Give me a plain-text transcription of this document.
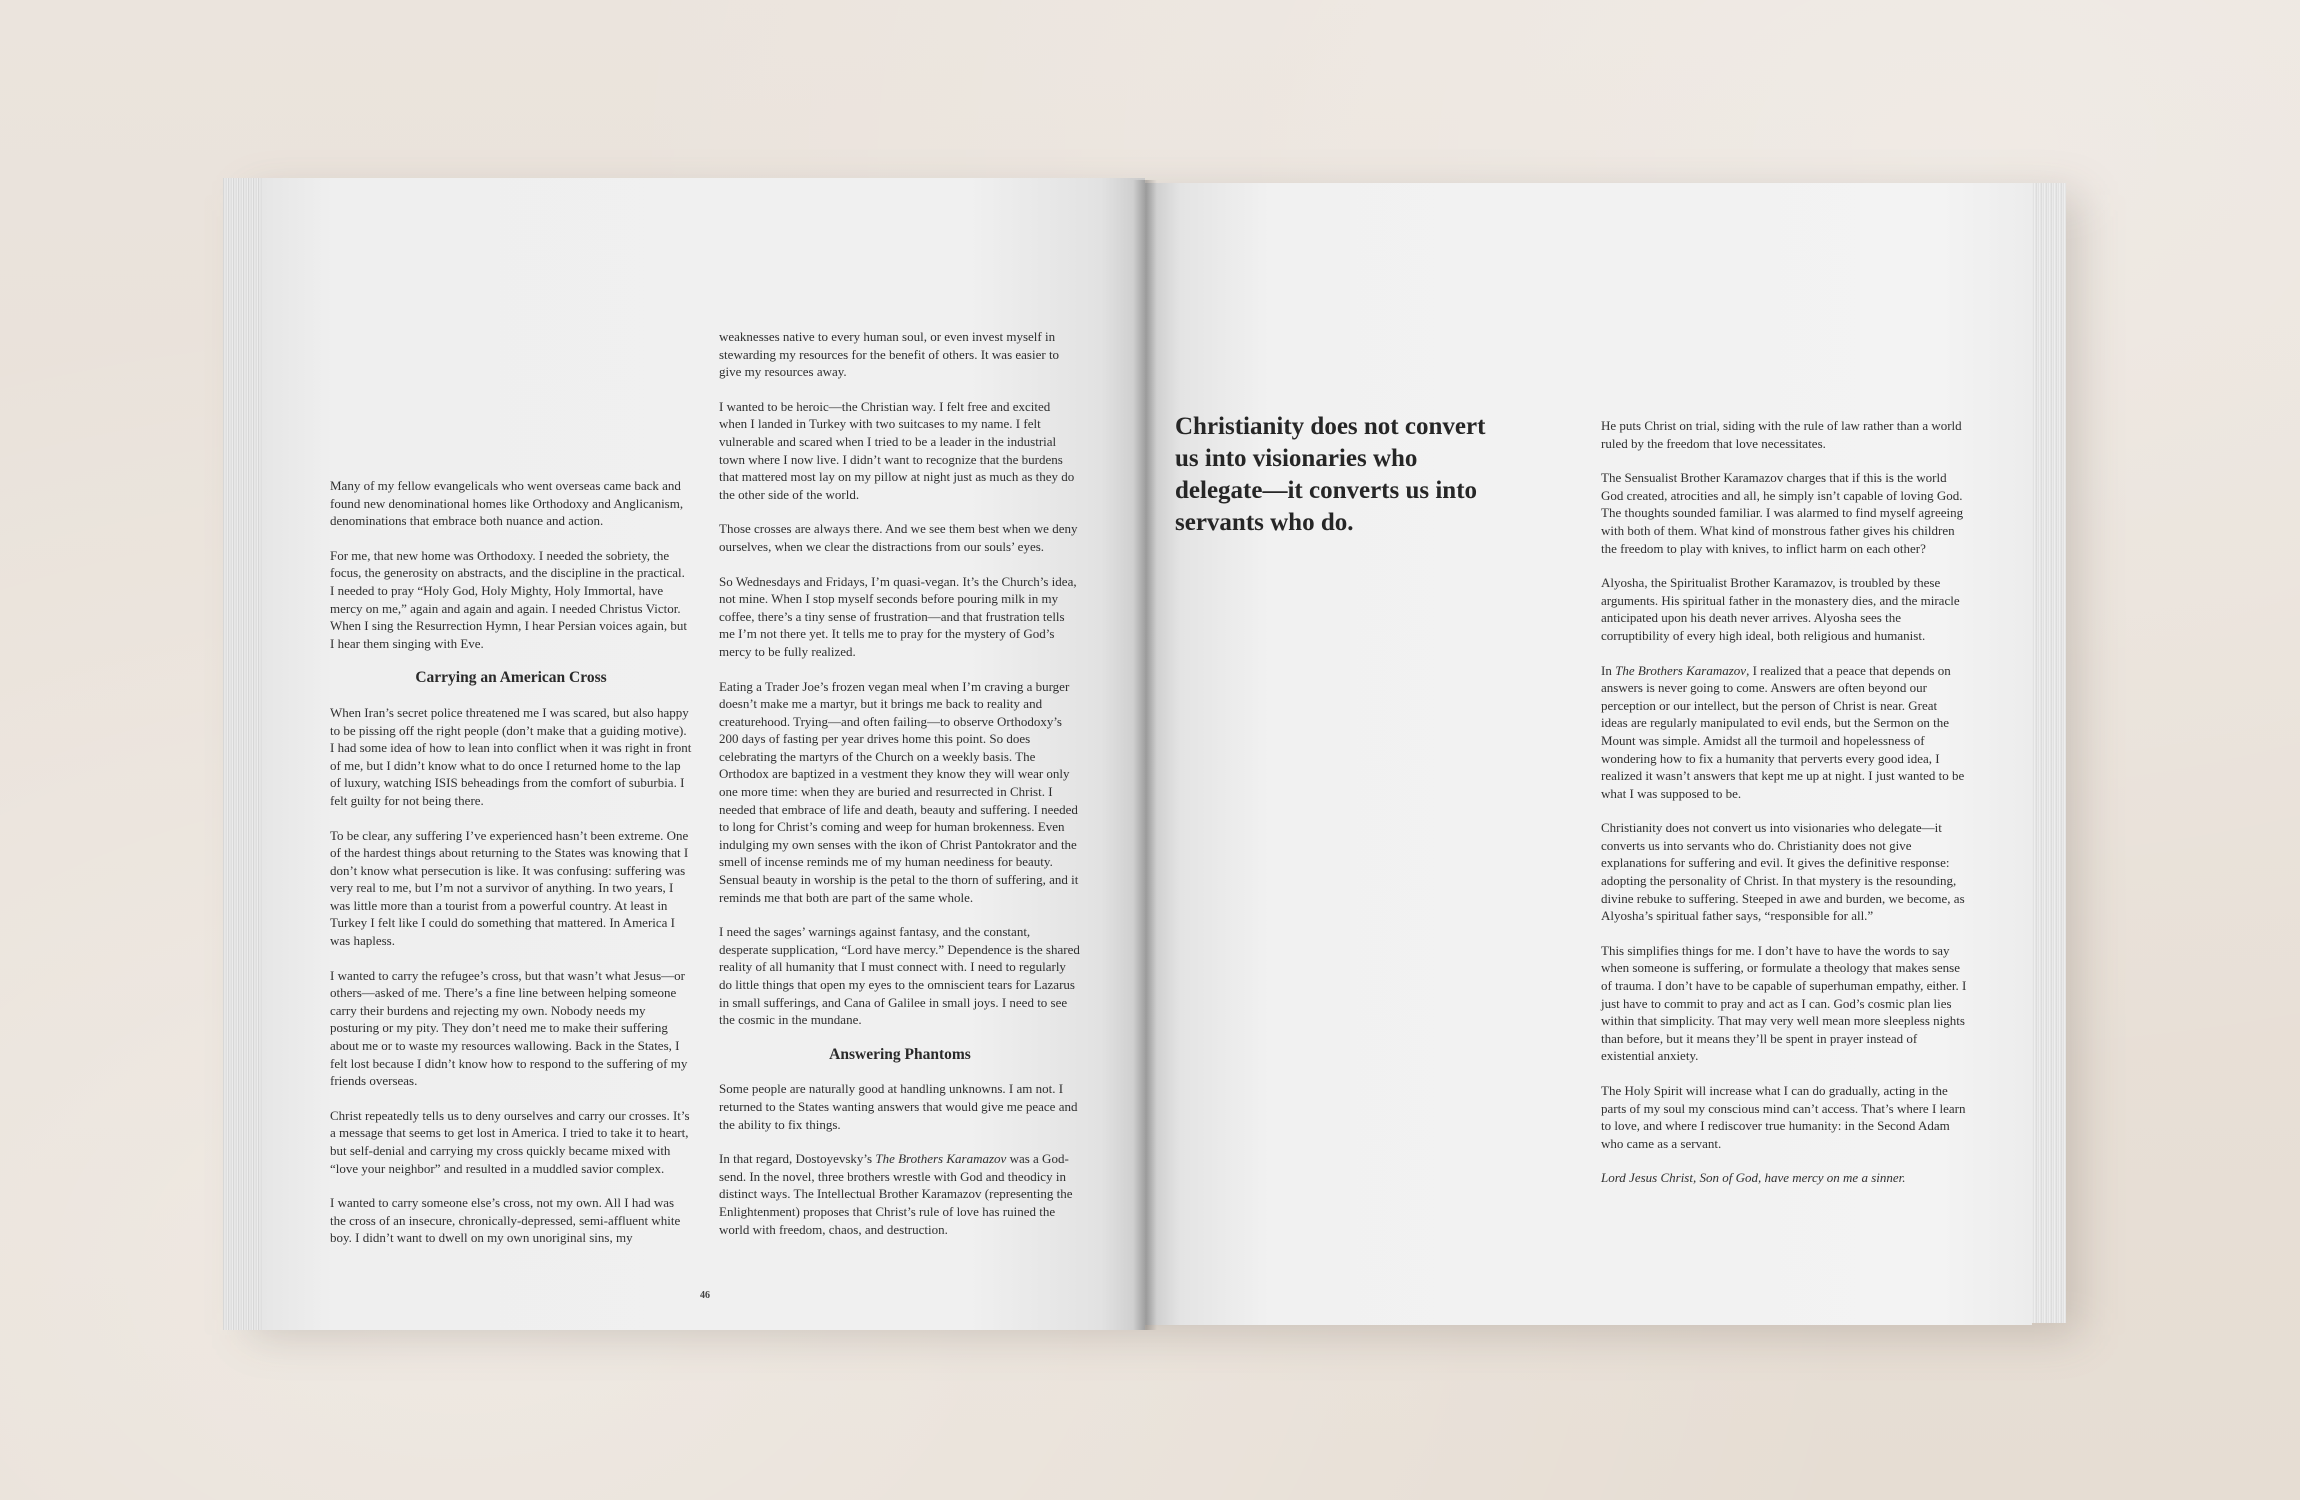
Many of my fellow evangelicals who went overseas came back and found new denominational homes like Orthodoxy and Anglicanism, denominations that embrace both nuance and action.

For me, that new home was Orthodoxy. I needed the sobriety, the focus, the generosity on abstracts, and the discipline in the practical. I needed to pray “Holy God, Holy Mighty, Holy Immortal, have mercy on me,” again and again and again. I needed Christus Victor. When I sing the Resurrection Hymn, I hear Persian voices again, but I hear them singing with Eve.

Carrying an American Cross

When Iran’s secret police threatened me I was scared, but also happy to be pissing off the right people (don’t make that a guiding motive). I had some idea of how to lean into conflict when it was right in front of me, but I didn’t know what to do once I returned home to the lap of luxury, watching ISIS beheadings from the comfort of suburbia. I felt guilty for not being there.

To be clear, any suffering I’ve experienced hasn’t been extreme. One of the hardest things about returning to the States was knowing that I don’t know what persecution is like. It was confusing: suffering was very real to me, but I’m not a survivor of anything. In two years, I was little more than a tourist from a powerful country. At least in Turkey I felt like I could do something that mattered. In America I was hapless.

I wanted to carry the refugee’s cross, but that wasn’t what Jesus—or others—asked of me. There’s a fine line between helping someone carry their burdens and rejecting my own. Nobody needs my posturing or my pity. They don’t need me to make their suffering about me or to waste my resources wallowing. Back in the States, I felt lost because I didn’t know how to respond to the suffering of my friends overseas.

Christ repeatedly tells us to deny ourselves and carry our crosses. It’s a message that seems to get lost in America. I tried to take it to heart, but self-denial and carrying my cross quickly became mixed with “love your neighbor” and resulted in a muddled savior complex.

I wanted to carry someone else’s cross, not my own. All I had was the cross of an insecure, chronically-depressed, semi-affluent white boy. I didn’t want to dwell on my own unoriginal sins, my

weaknesses native to every human soul, or even invest myself in stewarding my resources for the benefit of others. It was easier to give my resources away.

I wanted to be heroic—the Christian way. I felt free and excited when I landed in Turkey with two suitcases to my name. I felt vulnerable and scared when I tried to be a leader in the industrial town where I now live. I didn’t want to recognize that the burdens that mattered most lay on my pillow at night just as much as they do the other side of the world.

Those crosses are always there. And we see them best when we deny ourselves, when we clear the distractions from our souls’ eyes.

So Wednesdays and Fridays, I’m quasi-vegan. It’s the Church’s idea, not mine. When I stop myself seconds before pouring milk in my coffee, there’s a tiny sense of frustration—and that frustration tells me I’m not there yet. It tells me to pray for the mystery of God’s mercy to be fully realized.

Eating a Trader Joe’s frozen vegan meal when I’m craving a burger doesn’t make me a martyr, but it brings me back to reality and creaturehood. Trying—and often failing—to observe Orthodoxy’s 200 days of fasting per year drives home this point. So does celebrating the martyrs of the Church on a weekly basis. The Orthodox are baptized in a vestment they know they will wear only one more time: when they are buried and resurrected in Christ. I needed that embrace of life and death, beauty and suffering. I needed to long for Christ’s coming and weep for human brokenness. Even indulging my own senses with the ikon of Christ Pantokrator and the smell of incense reminds me of my human neediness for beauty. Sensual beauty in worship is the petal to the thorn of suffering, and it reminds me that both are part of the same whole.

I need the sages’ warnings against fantasy, and the constant, desperate supplication, “Lord have mercy.” Dependence is the shared reality of all humanity that I must connect with. I need to regularly do little things that open my eyes to the omniscient tears for Lazarus in small sufferings, and Cana of Galilee in small joys. I need to see the cosmic in the mundane.

Answering Phantoms

Some people are naturally good at handling unknowns. I am not. I returned to the States wanting answers that would give me peace and the ability to fix things.

In that regard, Dostoyevsky’s The Brothers Karamazov was a God-send. In the novel, three brothers wrestle with God and theodicy in distinct ways. The Intellectual Brother Karamazov (representing the Enlightenment) proposes that Christ’s rule of love has ruined the world with freedom, chaos, and destruction.

46
Christianity does not convert us into visionaries who delegate—it converts us into servants who do.

He puts Christ on trial, siding with the rule of law rather than a world ruled by the freedom that love necessitates.

The Sensualist Brother Karamazov charges that if this is the world God created, atrocities and all, he simply isn’t capable of loving God. The thoughts sounded familiar. I was alarmed to find myself agreeing with both of them. What kind of monstrous father gives his children the freedom to play with knives, to inflict harm on each other?

Alyosha, the Spiritualist Brother Karamazov, is troubled by these arguments. His spiritual father in the monastery dies, and the miracle anticipated upon his death never arrives. Alyosha sees the corruptibility of every high ideal, both religious and humanist.

In The Brothers Karamazov, I realized that a peace that depends on answers is never going to come. Answers are often beyond our perception or our intellect, but the person of Christ is near. Great ideas are regularly manipulated to evil ends, but the Sermon on the Mount was simple. Amidst all the turmoil and hopelessness of wondering how to fix a humanity that perverts every good idea, I realized it wasn’t answers that kept me up at night. I just wanted to be what I was supposed to be.

Christianity does not convert us into visionaries who delegate—it converts us into servants who do. Christianity does not give explanations for suffering and evil. It gives the definitive response: adopting the personality of Christ. In that mystery is the resounding, divine rebuke to suffering. Steeped in awe and burden, we become, as Alyosha’s spiritual father says, “responsible for all.”

This simplifies things for me. I don’t have to have the words to say when someone is suffering, or formulate a theology that makes sense of trauma. I don’t have to be capable of superhuman empathy, either. I just have to commit to pray and act as I can. God’s cosmic plan lies within that simplicity. That may very well mean more sleepless nights than before, but it means they’ll be spent in prayer instead of existential anxiety.

The Holy Spirit will increase what I can do gradually, acting in the parts of my soul my conscious mind can’t access. That’s where I learn to love, and where I rediscover true humanity: in the Second Adam who came as a servant.

Lord Jesus Christ, Son of God, have mercy on me a sinner.
